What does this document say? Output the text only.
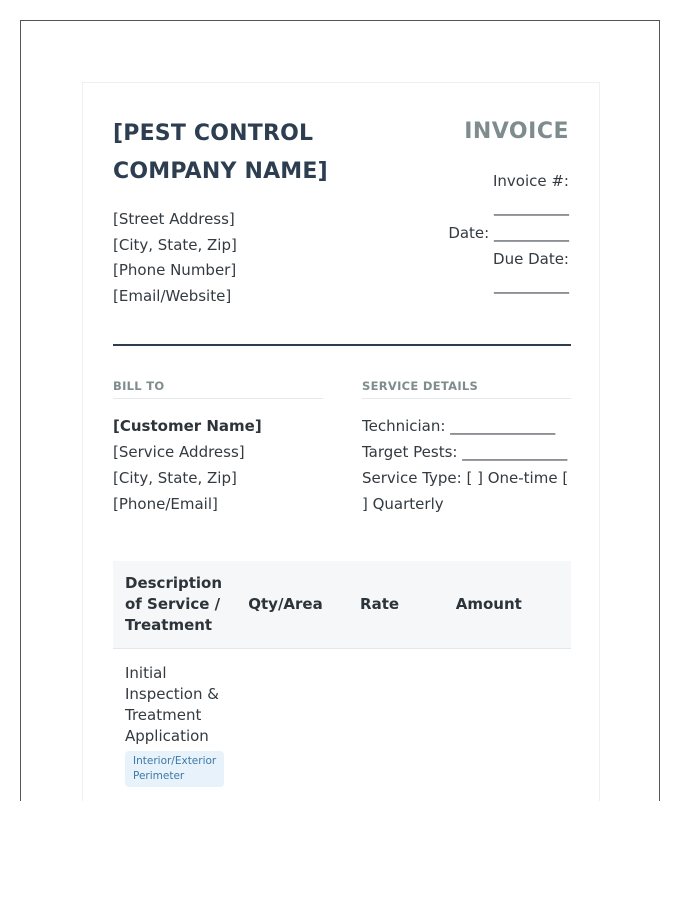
[PEST CONTROL COMPANY NAME]
[Street Address]
[City, State, Zip]
[Phone Number]
[Email/Website]
INVOICE
Invoice #:
__________
Date: __________
Due Date:
__________
BILL TO	SERVICE DETAILS
[Customer Name]
[Service Address]
[City, State, Zip]
[Phone/Email]
Technician: ______________
Target Pests: ______________
Service Type: [ ] One-time [ ] Quarterly
Description of Service / Treatment	Qty/Area	Rate	Amount

Initial Inspection & Treatment Application
Interior/Exterior Perimeter			
